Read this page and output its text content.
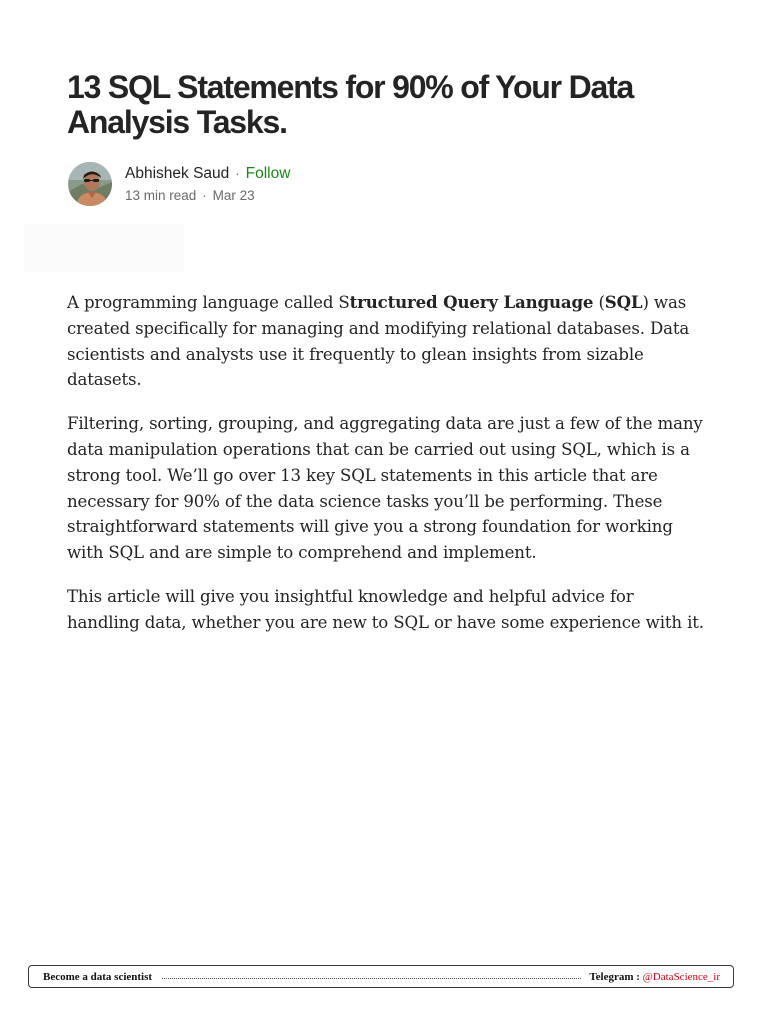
13 SQL Statements for 90% of Your Data Analysis Tasks.
Abhishek Saud · Follow
13 min read · Mar 23

A programming language called Structured Query Language (SQL) was created specifically for managing and modifying relational databases. Data scientists and analysts use it frequently to glean insights from sizable datasets.

Filtering, sorting, grouping, and aggregating data are just a few of the many data manipulation operations that can be carried out using SQL, which is a strong tool. We’ll go over 13 key SQL statements in this article that are necessary for 90% of the data science tasks you’ll be performing. These straightforward statements will give you a strong foundation for working with SQL and are simple to comprehend and implement.

This article will give you insightful knowledge and helpful advice for handling data, whether you are new to SQL or have some experience with it.

Become a data scientist	Telegram : @DataScience_ir
